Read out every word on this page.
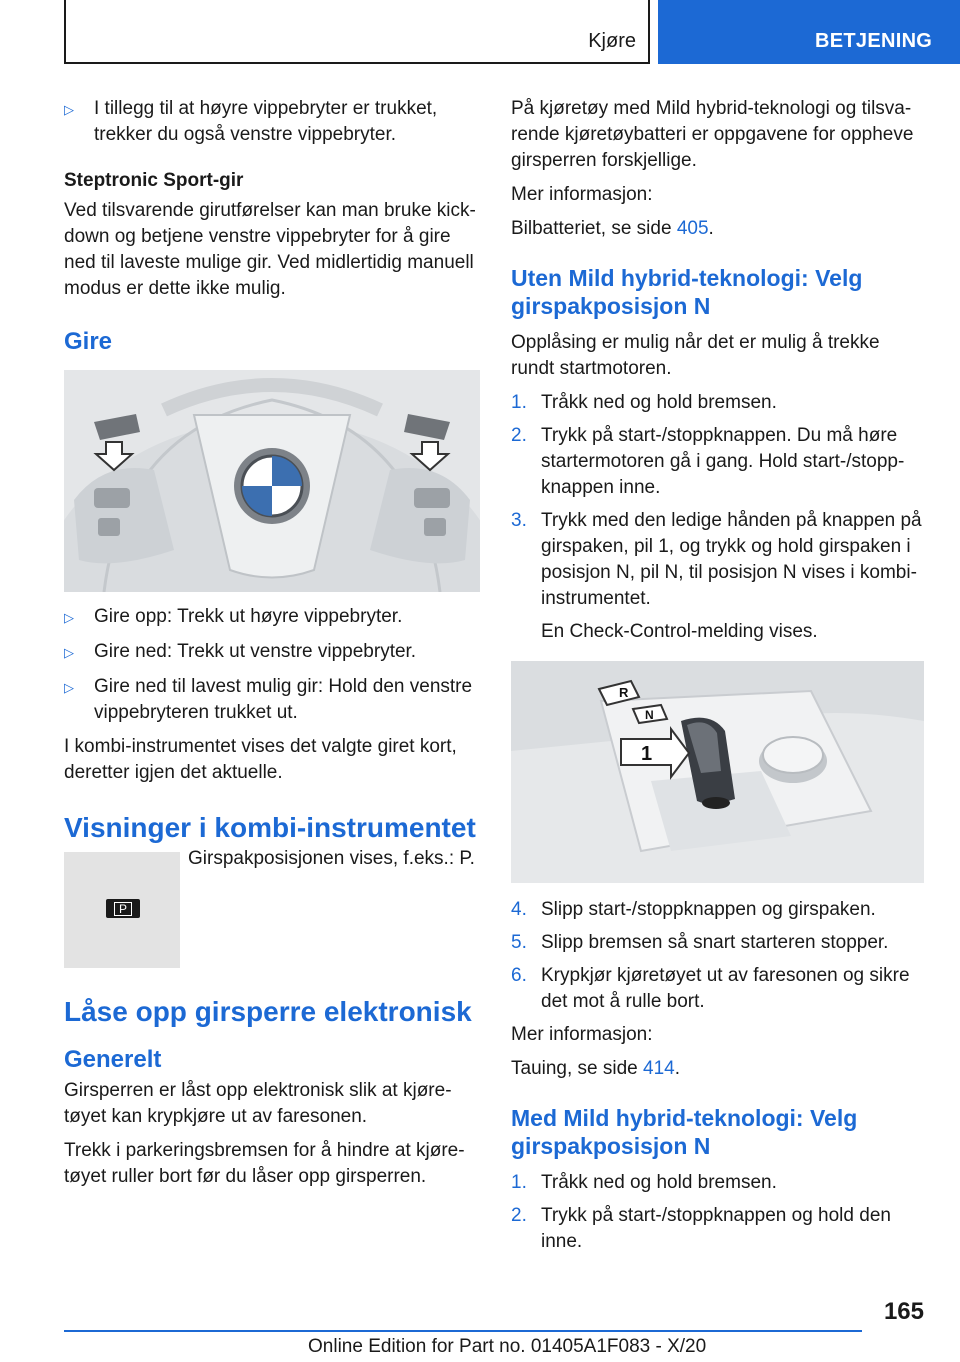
Kjøre	BETJENING
▷	I tillegg til at høyre vippebryter er trukket, trekker du også venstre vippebryter.
Steptronic Sport-gir

Ved tilsvarende girutførelser kan man bruke kick-down og betjene venstre vippebryter for å gire ned til laveste mulige gir. Ved midlertidig manuell modus er dette ikke mulig.

Gire
▷	Gire opp: Trekk ut høyre vippebryter.
▷	Gire ned: Trekk ut venstre vippebryter.
▷	Gire ned til lavest mulig gir: Hold den venstre vippebryteren trukket ut.

I kombi-instrumentet vises det valgte giret kort, deretter igjen det aktuelle.

Visninger i kombi-instrumentet
P
Girspakposisjonen vises, f.eks.: P.
Låse opp girsperre elektronisk
Generelt

Girsperren er låst opp elektronisk slik at kjøre-tøyet kan krypkjøre ut av faresonen.

Trekk i parkeringsbremsen for å hindre at kjøre-tøyet ruller bort før du låser opp girsperren.

På kjøretøy med Mild hybrid-teknologi og tilsva-rende kjøretøybatteri er oppgavene for oppheve girsperren forskjellige.

Mer informasjon:

Bilbatteriet, se side 405.

Uten Mild hybrid-teknologi: Velg girspakposisjon N

Opplåsing er mulig når det er mulig å trekke rundt startmotoren.

1. Tråkk ned og hold bremsen.
2. Trykk på start-/stoppknappen. Du må høre startermotoren gå i gang. Hold start-/stopp-knappen inne.
3. Trykk med den ledige hånden på knappen på girspaken, pil 1, og trykk og hold girspaken i posisjon N, pil N, til posisjon N vises i kombi-instrumentet.

En Check-Control-melding vises.

R
N
1
4. Slipp start-/stoppknappen og girspaken.
5. Slipp bremsen så snart starteren stopper.
6. Krypkjør kjøretøyet ut av faresonen og sikre det mot å rulle bort.

Mer informasjon:

Tauing, se side 414.

Med Mild hybrid-teknologi: Velg girspakposisjon N
1. Tråkk ned og hold bremsen.
2. Trykk på start-/stoppknappen og hold den inne.
165
Online Edition for Part no. 01405A1F083 - X/20
